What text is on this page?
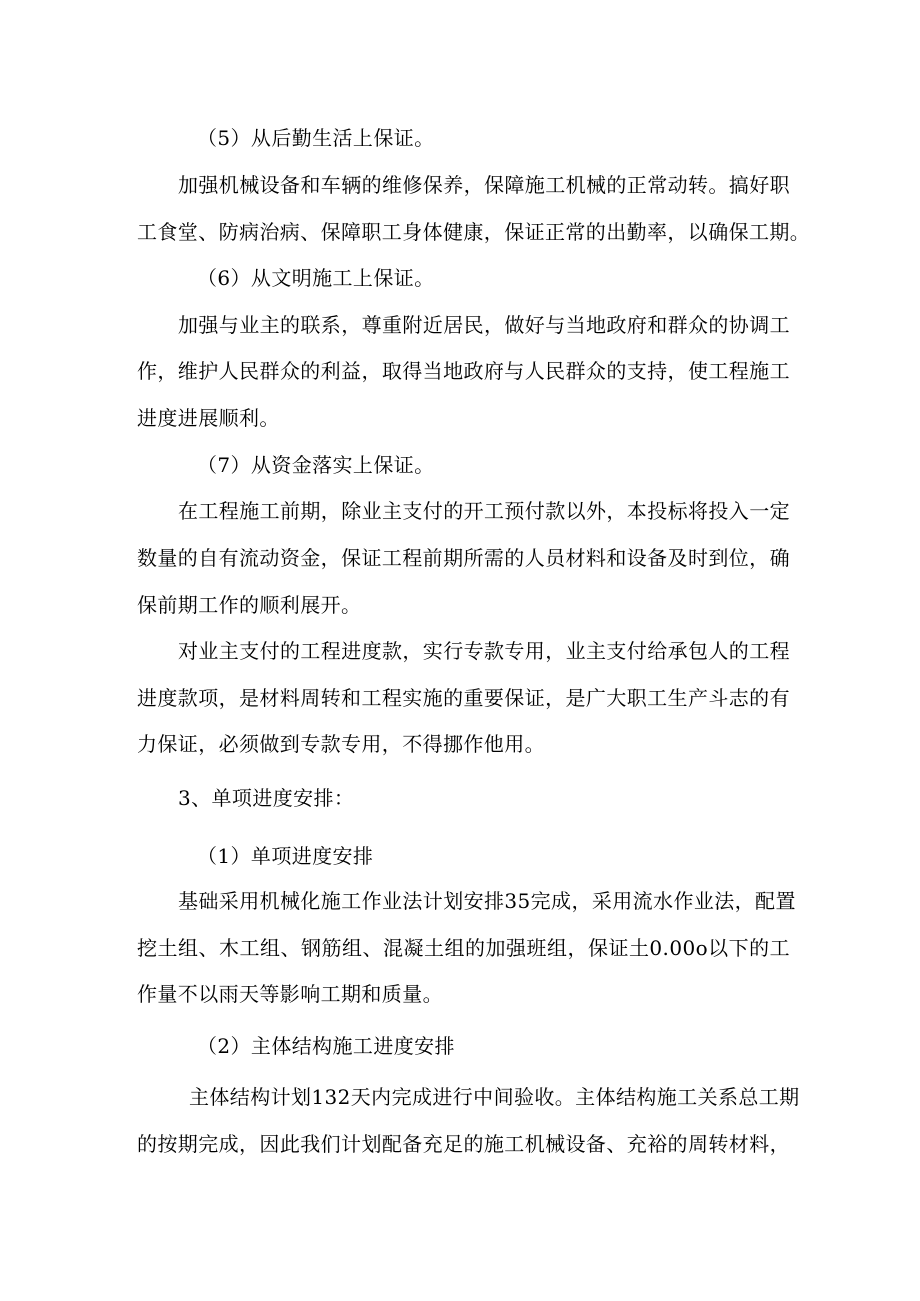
（5）从后勤生活上保证。
加强机械设备和车辆的维修保养，保障施工机械的正常动转。搞好职
工食堂、防病治病、保障职工身体健康，保证正常的出勤率，以确保工期。
（6）从文明施工上保证。
加强与业主的联系，尊重附近居民，做好与当地政府和群众的协调工
作，维护人民群众的利益，取得当地政府与人民群众的支持，使工程施工
进度进展顺利。
（7）从资金落实上保证。
在工程施工前期，除业主支付的开工预付款以外，本投标将投入一定
数量的自有流动资金，保证工程前期所需的人员材料和设备及时到位，确
保前期工作的顺利展开。
对业主支付的工程进度款，实行专款专用，业主支付给承包人的工程
进度款项，是材料周转和工程实施的重要保证，是广大职工生产斗志的有
力保证，必须做到专款专用，不得挪作他用。
3、单项进度安排：
（1）单项进度安排
基础采用机械化施工作业法计划安排35完成，采用流水作业法，配置
挖土组、木工组、钢筋组、混凝土组的加强班组，保证土0.00o以下的工
作量不以雨天等影响工期和质量。
（2）主体结构施工进度安排
主体结构计划132天内完成进行中间验收。主体结构施工关系总工期
的按期完成，因此我们计划配备充足的施工机械设备、充裕的周转材料，
